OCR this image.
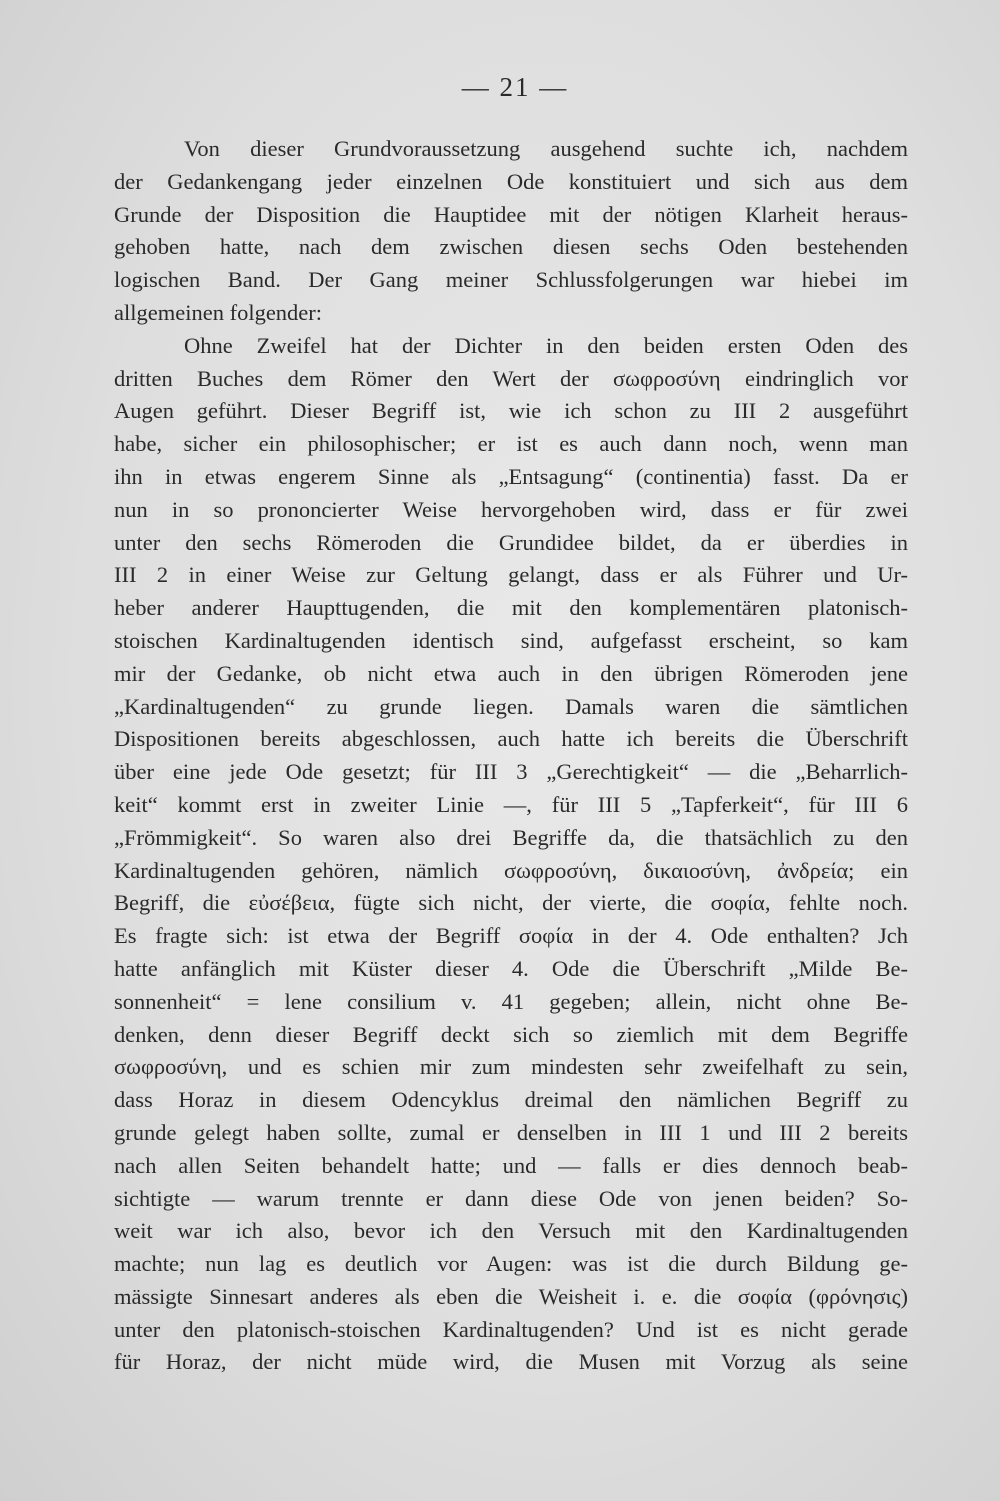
— 21 —
Von dieser Grundvoraussetzung ausgehend suchte ich, nachdem
der Gedankengang jeder einzelnen Ode konstituiert und sich aus dem
Grunde der Disposition die Hauptidee mit der nötigen Klarheit heraus-
gehoben hatte, nach dem zwischen diesen sechs Oden bestehenden
logischen Band. Der Gang meiner Schlussfolgerungen war hiebei im
allgemeinen folgender:
Ohne Zweifel hat der Dichter in den beiden ersten Oden des
dritten Buches dem Römer den Wert der σωφροσύνη eindringlich vor
Augen geführt. Dieser Begriff ist, wie ich schon zu III 2 ausgeführt
habe, sicher ein philosophischer; er ist es auch dann noch, wenn man
ihn in etwas engerem Sinne als „Entsagung“ (continentia) fasst. Da er
nun in so prononcierter Weise hervorgehoben wird, dass er für zwei
unter den sechs Römeroden die Grundidee bildet, da er überdies in
III 2 in einer Weise zur Geltung gelangt, dass er als Führer und Ur-
heber anderer Haupttugenden, die mit den komplementären platonisch-
stoischen Kardinaltugenden identisch sind, aufgefasst erscheint, so kam
mir der Gedanke, ob nicht etwa auch in den übrigen Römeroden jene
„Kardinaltugenden“ zu grunde liegen. Damals waren die sämtlichen
Dispositionen bereits abgeschlossen, auch hatte ich bereits die Überschrift
über eine jede Ode gesetzt; für III 3 „Gerechtigkeit“ — die „Beharrlich-
keit“ kommt erst in zweiter Linie —, für III 5 „Tapferkeit“, für III 6
„Frömmigkeit“. So waren also drei Begriffe da, die thatsächlich zu den
Kardinaltugenden gehören, nämlich σωφροσύνη, δικαιοσύνη, ἀνδρεία; ein
Begriff, die εὐσέβεια, fügte sich nicht, der vierte, die σοφία, fehlte noch.
Es fragte sich: ist etwa der Begriff σοφία in der 4. Ode enthalten? Jch
hatte anfänglich mit Küster dieser 4. Ode die Überschrift „Milde Be-
sonnenheit“ = lene consilium v. 41 gegeben; allein, nicht ohne Be-
denken, denn dieser Begriff deckt sich so ziemlich mit dem Begriffe
σωφροσύνη, und es schien mir zum mindesten sehr zweifelhaft zu sein,
dass Horaz in diesem Odencyklus dreimal den nämlichen Begriff zu
grunde gelegt haben sollte, zumal er denselben in III 1 und III 2 bereits
nach allen Seiten behandelt hatte; und — falls er dies dennoch beab-
sichtigte — warum trennte er dann diese Ode von jenen beiden? So-
weit war ich also, bevor ich den Versuch mit den Kardinaltugenden
machte; nun lag es deutlich vor Augen: was ist die durch Bildung ge-
mässigte Sinnesart anderes als eben die Weisheit i. e. die σοφία (φρόνησις)
unter den platonisch-stoischen Kardinaltugenden? Und ist es nicht gerade
für Horaz, der nicht müde wird, die Musen mit Vorzug als seine
